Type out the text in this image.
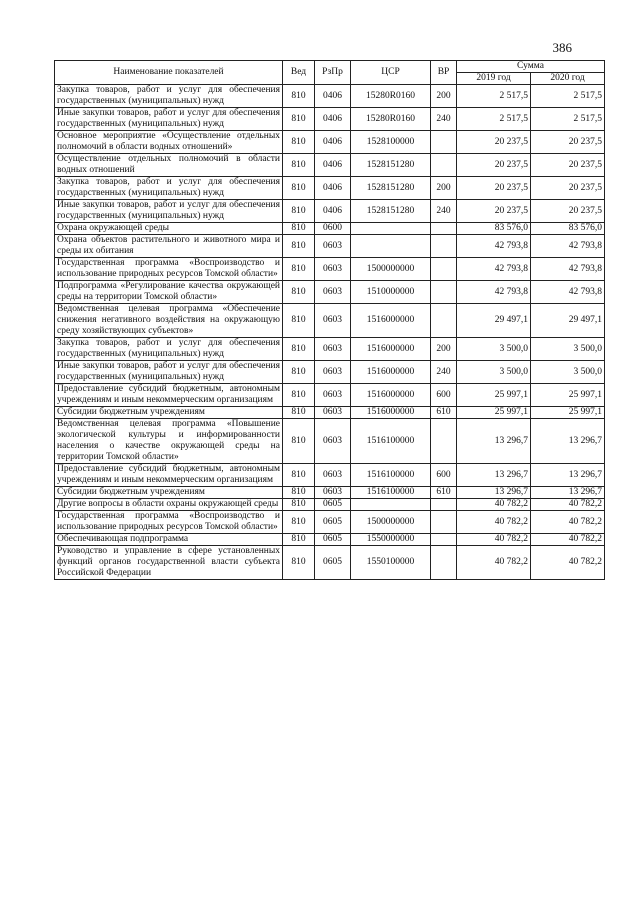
386
Наименование показателей	Вед	РзПр	ЦСР	ВР	Сумма	
					2019 год	2020 год
Закупка товаров, работ и услуг для обеспечения государственных (муниципальных) нужд	810	0406	15280R0160	200	2 517,5	2 517,5
Иные закупки товаров, работ и услуг для обеспечения государственных (муниципальных) нужд	810	0406	15280R0160	240	2 517,5	2 517,5
Основное мероприятие «Осуществление отдельных полномочий в области водных отношений»	810	0406	1528100000		20 237,5	20 237,5
Осуществление отдельных полномочий в области водных отношений	810	0406	1528151280		20 237,5	20 237,5
Закупка товаров, работ и услуг для обеспечения государственных (муниципальных) нужд	810	0406	1528151280	200	20 237,5	20 237,5
Иные закупки товаров, работ и услуг для обеспечения государственных (муниципальных) нужд	810	0406	1528151280	240	20 237,5	20 237,5
Охрана окружающей среды	810	0600			83 576,0	83 576,0
Охрана объектов растительного и животного мира и среды их обитания	810	0603			42 793,8	42 793,8
Государственная программа «Воспроизводство и использование природных ресурсов Томской области»	810	0603	1500000000		42 793,8	42 793,8
Подпрограмма «Регулирование качества окружающей среды на территории Томской области»	810	0603	1510000000		42 793,8	42 793,8
Ведомственная целевая программа «Обеспечение снижения негативного воздействия на окружающую среду хозяйствующих субъектов»	810	0603	1516000000		29 497,1	29 497,1
Закупка товаров, работ и услуг для обеспечения государственных (муниципальных) нужд	810	0603	1516000000	200	3 500,0	3 500,0
Иные закупки товаров, работ и услуг для обеспечения государственных (муниципальных) нужд	810	0603	1516000000	240	3 500,0	3 500,0
Предоставление субсидий бюджетным, автономным учреждениям и иным некоммерческим организациям	810	0603	1516000000	600	25 997,1	25 997,1
Субсидии бюджетным учреждениям	810	0603	1516000000	610	25 997,1	25 997,1
Ведомственная целевая программа «Повышение экологической культуры и информированности населения о качестве окружающей среды на территории Томской области»	810	0603	1516100000		13 296,7	13 296,7
Предоставление субсидий бюджетным, автономным учреждениям и иным некоммерческим организациям	810	0603	1516100000	600	13 296,7	13 296,7
Субсидии бюджетным учреждениям	810	0603	1516100000	610	13 296,7	13 296,7
Другие вопросы в области охраны окружающей среды	810	0605			40 782,2	40 782,2
Государственная программа «Воспроизводство и использование природных ресурсов Томской области»	810	0605	1500000000		40 782,2	40 782,2
Обеспечивающая подпрограмма	810	0605	1550000000		40 782,2	40 782,2
Руководство и управление в сфере установленных функций органов государственной власти субъекта Российской Федерации	810	0605	1550100000		40 782,2	40 782,2
